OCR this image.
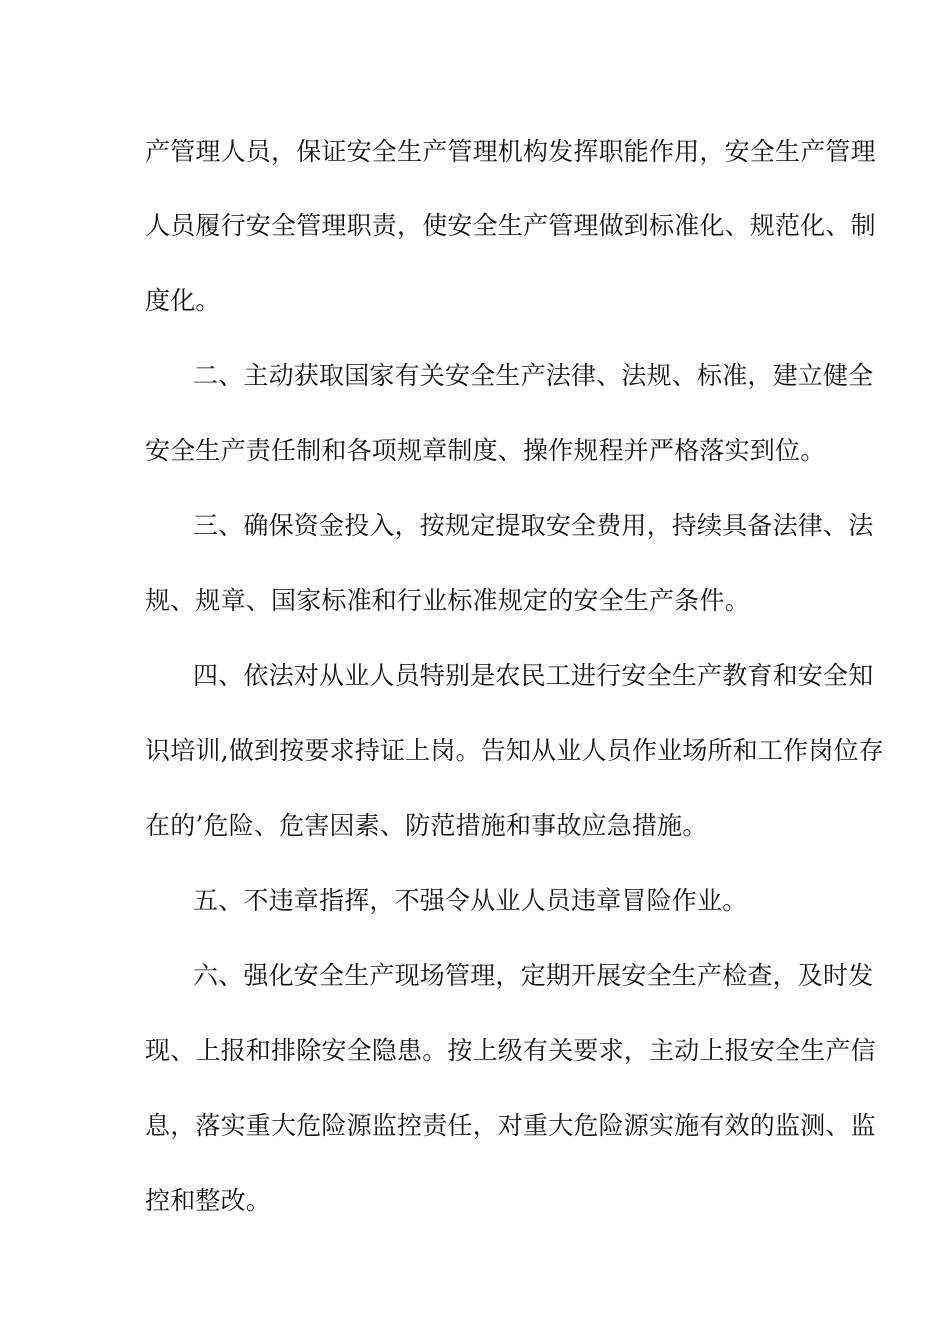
产管理人员，保证安全生产管理机构发挥职能作用，安全生产管理
人员履行安全管理职责，使安全生产管理做到标准化、规范化、制
度化。
二、主动获取国家有关安全生产法律、法规、标准，建立健全
安全生产责任制和各项规章制度、操作规程并严格落实到位。
三、确保资金投入，按规定提取安全费用，持续具备法律、法
规、规章、国家标准和行业标准规定的安全生产条件。
四、依法对从业人员特别是农民工进行安全生产教育和安全知
识培训,做到按要求持证上岗。告知从业人员作业场所和工作岗位存
在的’危险、危害因素、防范措施和事故应急措施。
五、不违章指挥，不强令从业人员违章冒险作业。
六、强化安全生产现场管理，定期开展安全生产检查，及时发
现、上报和排除安全隐患。按上级有关要求，主动上报安全生产信
息，落实重大危险源监控责任，对重大危险源实施有效的监测、监
控和整改。
